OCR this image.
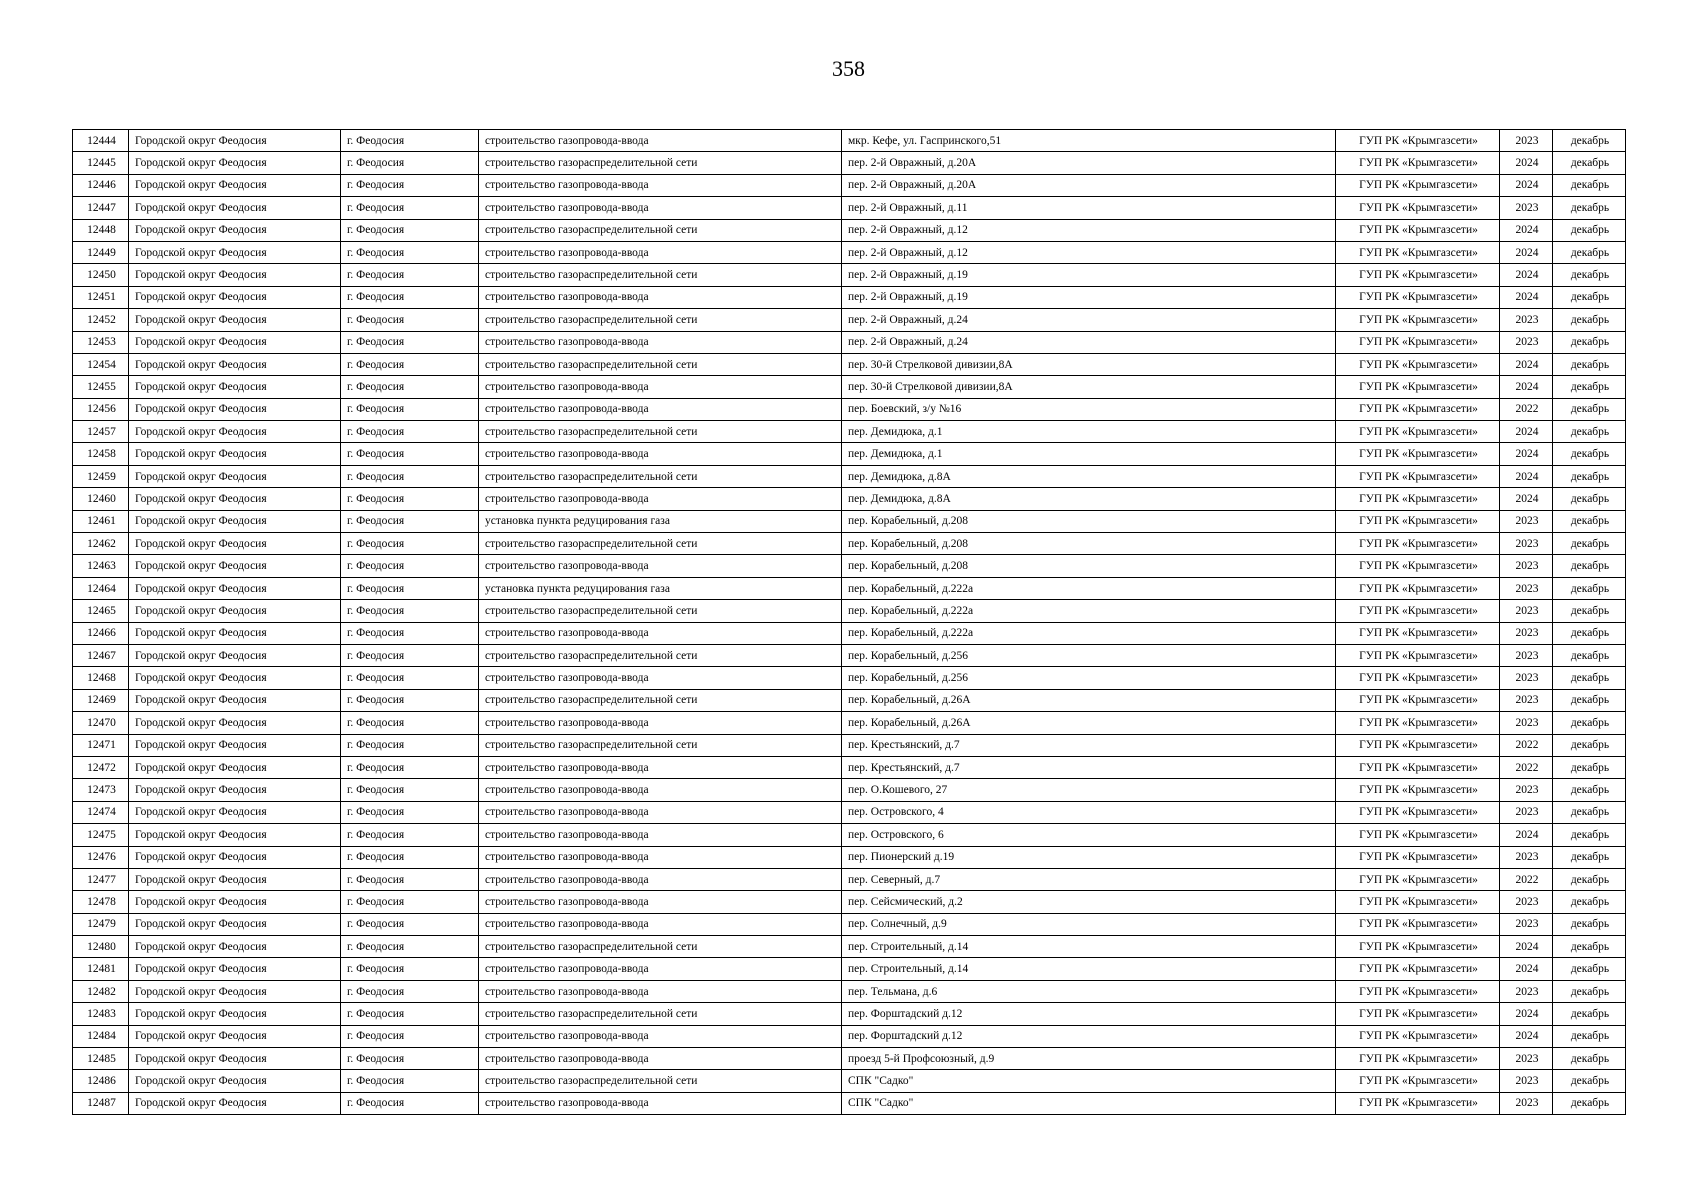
358
12444	Городской округ Феодосия	г. Феодосия	строительство газопровода-ввода	мкр. Кефе, ул. Гаспринского,51	ГУП РК «Крымгазсети»	2023	декабрь
12445	Городской округ Феодосия	г. Феодосия	строительство газораспределительной сети	пер. 2-й Овражный, д.20А	ГУП РК «Крымгазсети»	2024	декабрь
12446	Городской округ Феодосия	г. Феодосия	строительство газопровода-ввода	пер. 2-й Овражный, д.20А	ГУП РК «Крымгазсети»	2024	декабрь
12447	Городской округ Феодосия	г. Феодосия	строительство газопровода-ввода	пер. 2-й Овражный, д.11	ГУП РК «Крымгазсети»	2023	декабрь
12448	Городской округ Феодосия	г. Феодосия	строительство газораспределительной сети	пер. 2-й Овражный, д.12	ГУП РК «Крымгазсети»	2024	декабрь
12449	Городской округ Феодосия	г. Феодосия	строительство газопровода-ввода	пер. 2-й Овражный, д.12	ГУП РК «Крымгазсети»	2024	декабрь
12450	Городской округ Феодосия	г. Феодосия	строительство газораспределительной сети	пер. 2-й Овражный, д.19	ГУП РК «Крымгазсети»	2024	декабрь
12451	Городской округ Феодосия	г. Феодосия	строительство газопровода-ввода	пер. 2-й Овражный, д.19	ГУП РК «Крымгазсети»	2024	декабрь
12452	Городской округ Феодосия	г. Феодосия	строительство газораспределительной сети	пер. 2-й Овражный, д.24	ГУП РК «Крымгазсети»	2023	декабрь
12453	Городской округ Феодосия	г. Феодосия	строительство газопровода-ввода	пер. 2-й Овражный, д.24	ГУП РК «Крымгазсети»	2023	декабрь
12454	Городской округ Феодосия	г. Феодосия	строительство газораспределительной сети	пер. 30-й Стрелковой дивизии,8А	ГУП РК «Крымгазсети»	2024	декабрь
12455	Городской округ Феодосия	г. Феодосия	строительство газопровода-ввода	пер. 30-й Стрелковой дивизии,8А	ГУП РК «Крымгазсети»	2024	декабрь
12456	Городской округ Феодосия	г. Феодосия	строительство газопровода-ввода	пер. Боевский, з/у №16	ГУП РК «Крымгазсети»	2022	декабрь
12457	Городской округ Феодосия	г. Феодосия	строительство газораспределительной сети	пер. Демидюка, д.1	ГУП РК «Крымгазсети»	2024	декабрь
12458	Городской округ Феодосия	г. Феодосия	строительство газопровода-ввода	пер. Демидюка, д.1	ГУП РК «Крымгазсети»	2024	декабрь
12459	Городской округ Феодосия	г. Феодосия	строительство газораспределительной сети	пер. Демидюка, д.8А	ГУП РК «Крымгазсети»	2024	декабрь
12460	Городской округ Феодосия	г. Феодосия	строительство газопровода-ввода	пер. Демидюка, д.8А	ГУП РК «Крымгазсети»	2024	декабрь
12461	Городской округ Феодосия	г. Феодосия	установка пункта редуцирования газа	пер. Корабельный, д.208	ГУП РК «Крымгазсети»	2023	декабрь
12462	Городской округ Феодосия	г. Феодосия	строительство газораспределительной сети	пер. Корабельный, д.208	ГУП РК «Крымгазсети»	2023	декабрь
12463	Городской округ Феодосия	г. Феодосия	строительство газопровода-ввода	пер. Корабельный, д.208	ГУП РК «Крымгазсети»	2023	декабрь
12464	Городской округ Феодосия	г. Феодосия	установка пункта редуцирования газа	пер. Корабельный, д.222а	ГУП РК «Крымгазсети»	2023	декабрь
12465	Городской округ Феодосия	г. Феодосия	строительство газораспределительной сети	пер. Корабельный, д.222а	ГУП РК «Крымгазсети»	2023	декабрь
12466	Городской округ Феодосия	г. Феодосия	строительство газопровода-ввода	пер. Корабельный, д.222а	ГУП РК «Крымгазсети»	2023	декабрь
12467	Городской округ Феодосия	г. Феодосия	строительство газораспределительной сети	пер. Корабельный, д.256	ГУП РК «Крымгазсети»	2023	декабрь
12468	Городской округ Феодосия	г. Феодосия	строительство газопровода-ввода	пер. Корабельный, д.256	ГУП РК «Крымгазсети»	2023	декабрь
12469	Городской округ Феодосия	г. Феодосия	строительство газораспределительной сети	пер. Корабельный, д.26А	ГУП РК «Крымгазсети»	2023	декабрь
12470	Городской округ Феодосия	г. Феодосия	строительство газопровода-ввода	пер. Корабельный, д.26А	ГУП РК «Крымгазсети»	2023	декабрь
12471	Городской округ Феодосия	г. Феодосия	строительство газораспределительной сети	пер. Крестьянский, д.7	ГУП РК «Крымгазсети»	2022	декабрь
12472	Городской округ Феодосия	г. Феодосия	строительство газопровода-ввода	пер. Крестьянский, д.7	ГУП РК «Крымгазсети»	2022	декабрь
12473	Городской округ Феодосия	г. Феодосия	строительство газопровода-ввода	пер. О.Кошевого, 27	ГУП РК «Крымгазсети»	2023	декабрь
12474	Городской округ Феодосия	г. Феодосия	строительство газопровода-ввода	пер. Островского, 4	ГУП РК «Крымгазсети»	2023	декабрь
12475	Городской округ Феодосия	г. Феодосия	строительство газопровода-ввода	пер. Островского, 6	ГУП РК «Крымгазсети»	2024	декабрь
12476	Городской округ Феодосия	г. Феодосия	строительство газопровода-ввода	пер. Пионерский д.19	ГУП РК «Крымгазсети»	2023	декабрь
12477	Городской округ Феодосия	г. Феодосия	строительство газопровода-ввода	пер. Северный, д.7	ГУП РК «Крымгазсети»	2022	декабрь
12478	Городской округ Феодосия	г. Феодосия	строительство газопровода-ввода	пер. Сейсмический, д.2	ГУП РК «Крымгазсети»	2023	декабрь
12479	Городской округ Феодосия	г. Феодосия	строительство газопровода-ввода	пер. Солнечный, д.9	ГУП РК «Крымгазсети»	2023	декабрь
12480	Городской округ Феодосия	г. Феодосия	строительство газораспределительной сети	пер. Строительный, д.14	ГУП РК «Крымгазсети»	2024	декабрь
12481	Городской округ Феодосия	г. Феодосия	строительство газопровода-ввода	пер. Строительный, д.14	ГУП РК «Крымгазсети»	2024	декабрь
12482	Городской округ Феодосия	г. Феодосия	строительство газопровода-ввода	пер. Тельмана, д.6	ГУП РК «Крымгазсети»	2023	декабрь
12483	Городской округ Феодосия	г. Феодосия	строительство газораспределительной сети	пер. Форштадский д.12	ГУП РК «Крымгазсети»	2024	декабрь
12484	Городской округ Феодосия	г. Феодосия	строительство газопровода-ввода	пер. Форштадский д.12	ГУП РК «Крымгазсети»	2024	декабрь
12485	Городской округ Феодосия	г. Феодосия	строительство газопровода-ввода	проезд 5-й Профсоюзный, д.9	ГУП РК «Крымгазсети»	2023	декабрь
12486	Городской округ Феодосия	г. Феодосия	строительство газораспределительной сети	СПК "Садко"	ГУП РК «Крымгазсети»	2023	декабрь
12487	Городской округ Феодосия	г. Феодосия	строительство газопровода-ввода	СПК "Садко"	ГУП РК «Крымгазсети»	2023	декабрь
